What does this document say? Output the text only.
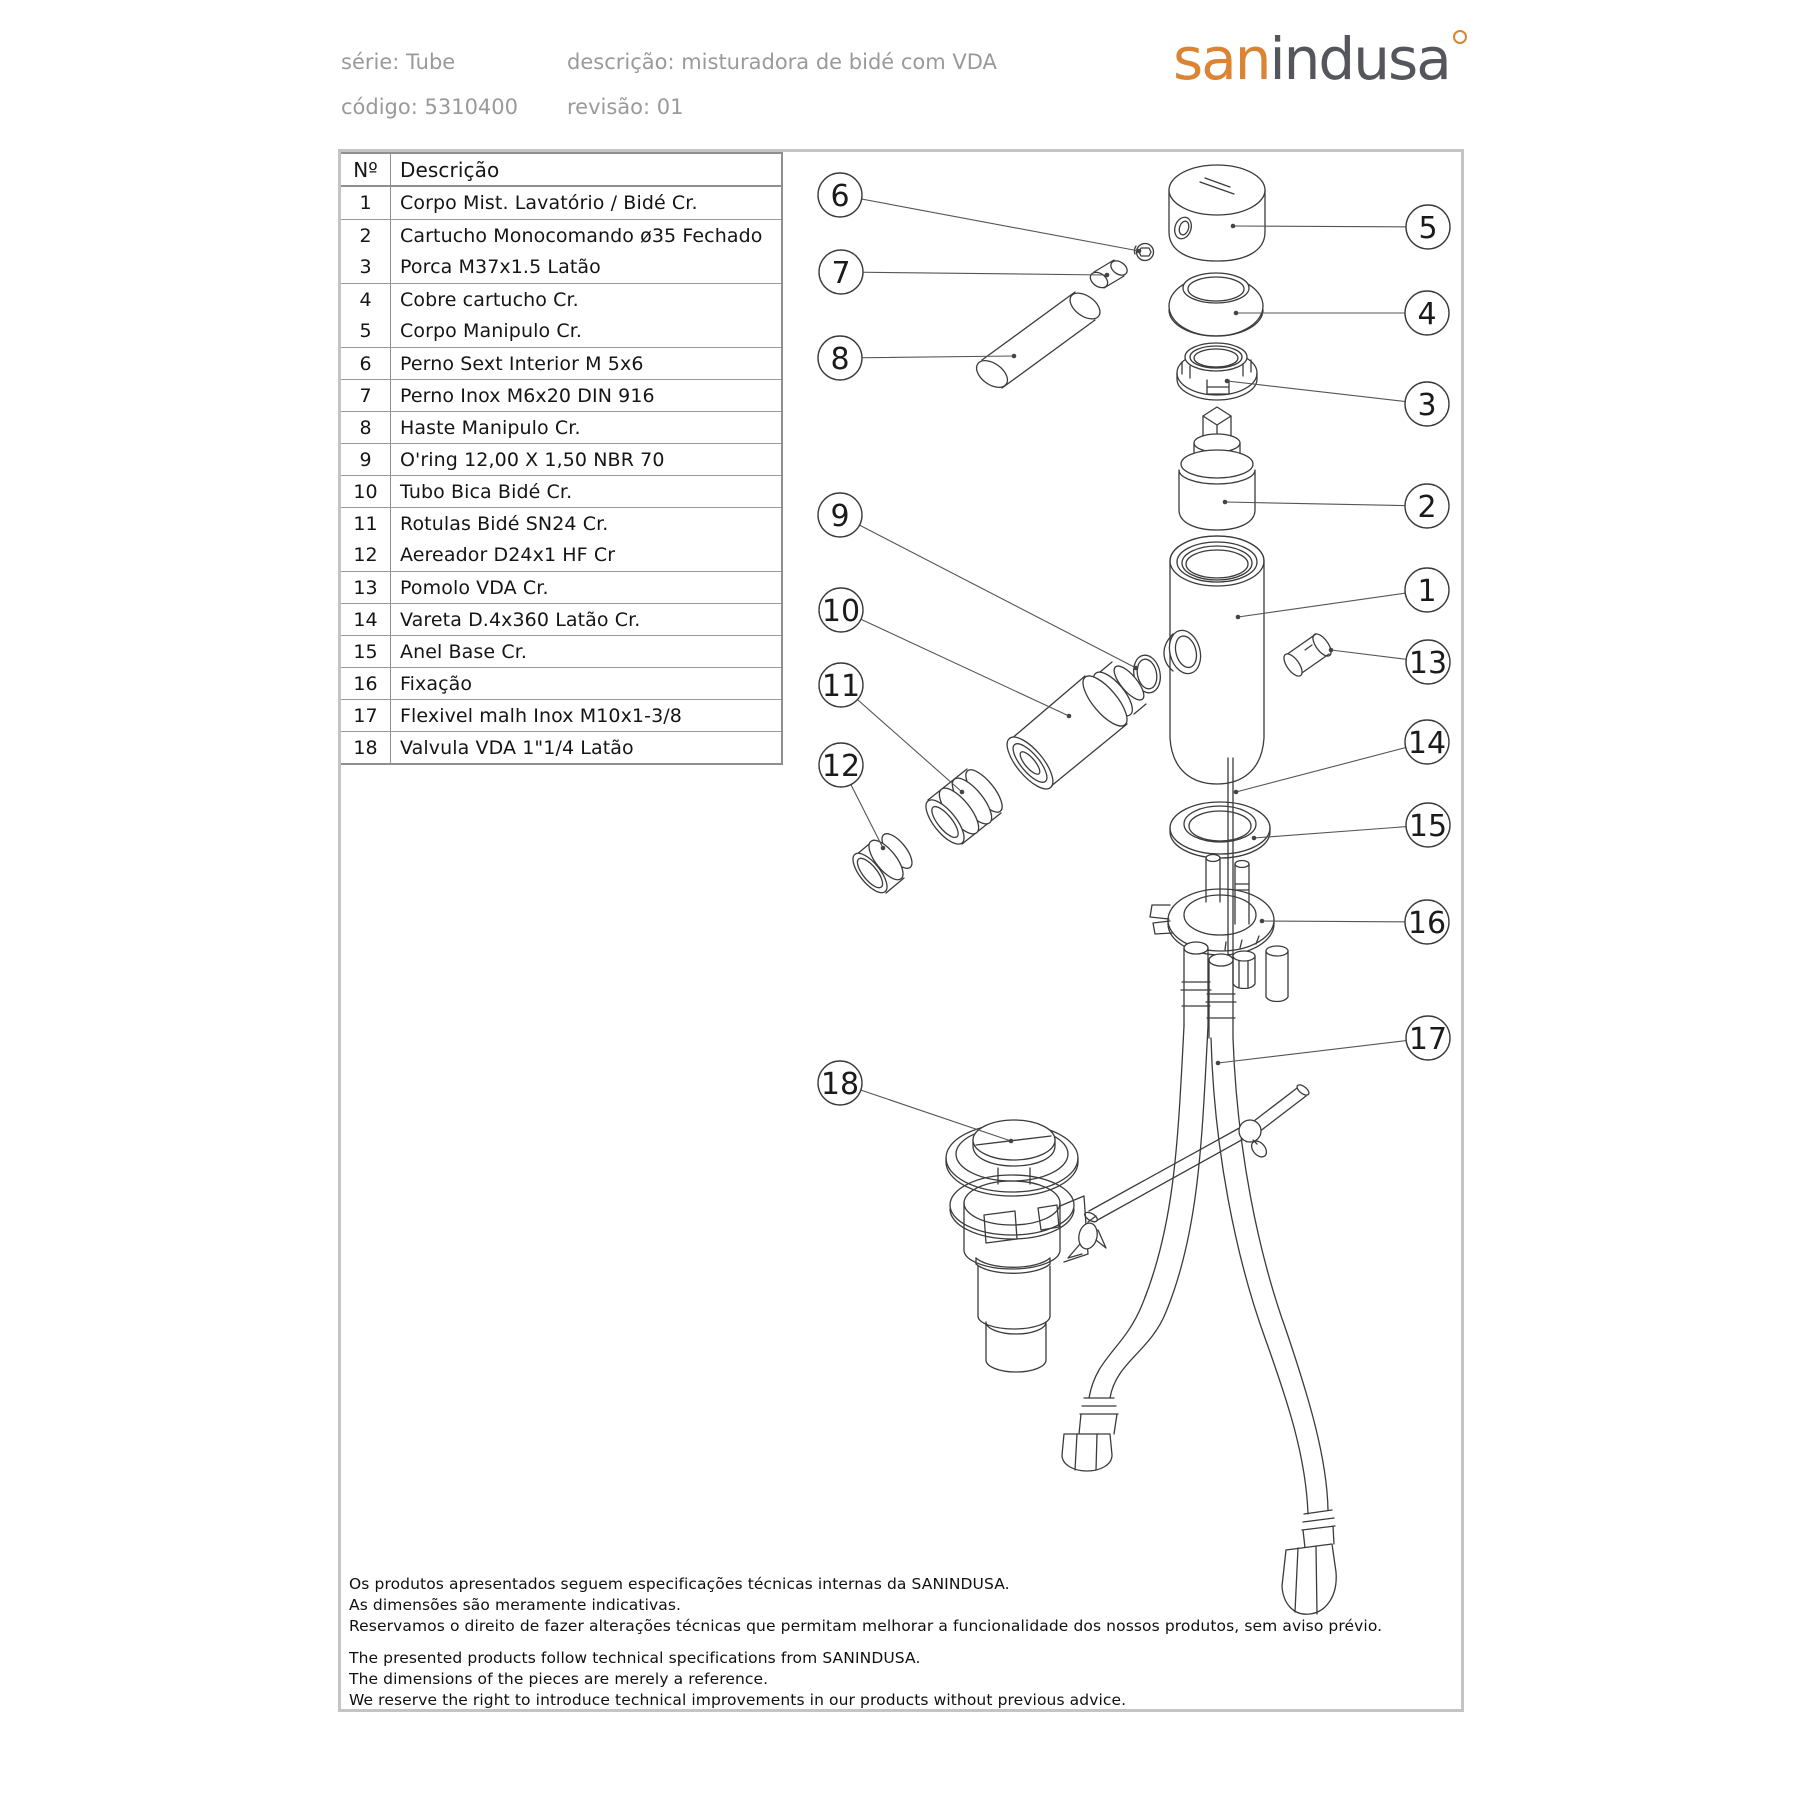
série: Tube	descrição: misturadora de bidé com VDA
código: 5310400 revisão: 01
sanindusa
Nº	Descrição
1	Corpo Mist. Lavatório / Bidé Cr.
2	Cartucho Monocomando ø35 Fechado
3	Porca M37x1.5 Latão
4	Cobre cartucho Cr.
5	Corpo Manipulo Cr.
6	Perno Sext Interior M 5x6
7	Perno Inox M6x20 DIN 916
8	Haste Manipulo Cr.
9	O'ring 12,00 X 1,50 NBR 70
10	Tubo Bica Bidé Cr.
11	Rotulas Bidé SN24 Cr.
12	Aereador D24x1 HF Cr
13	Pomolo VDA Cr.
14	Vareta D.4x360 Latão Cr.
15	Anel Base Cr.
16	Fixação
17	Flexivel malh Inox M10x1-3/8
18	Valvula VDA 1"1/4 Latão
1
2
3
4
5
6
7
8
9
10
11
12
13
14
15
16
17
18
Os produtos apresentados seguem especificações técnicas internas da SANINDUSA.
As dimensões são meramente indicativas.
Reservamos o direito de fazer alterações técnicas que permitam melhorar a funcionalidade dos nossos produtos, sem aviso prévio.
The presented products follow technical specifications from SANINDUSA.
The dimensions of the pieces are merely a reference.
We reserve the right to introduce technical improvements in our products without previous advice.
